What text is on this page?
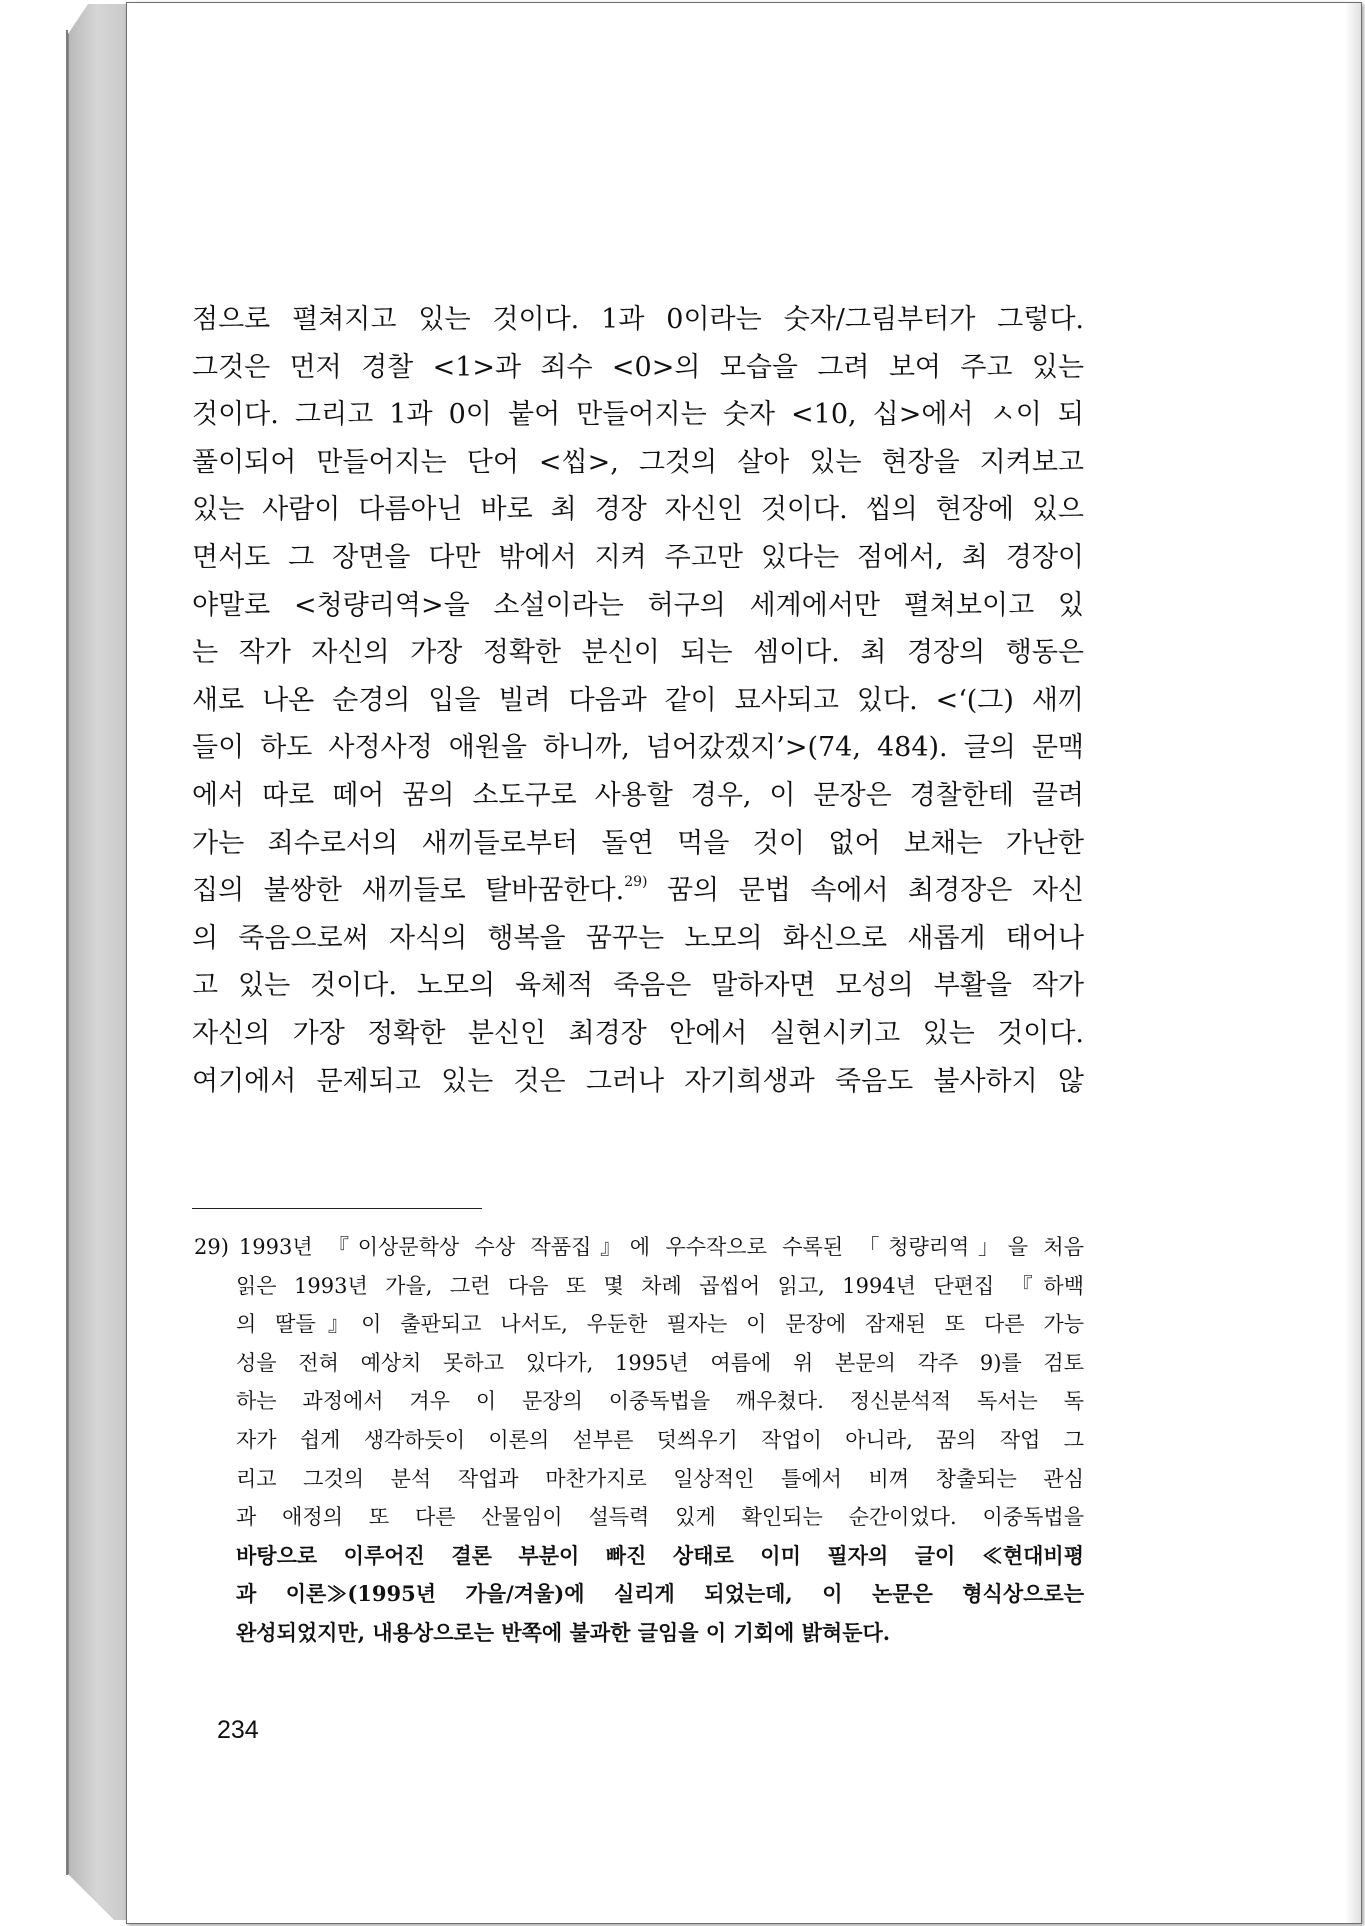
점으로 펼쳐지고 있는 것이다. 1과 0이라는 숫자/그림부터가 그렇다.
그것은 먼저 경찰 <1>과 죄수 <0>의 모습을 그려 보여 주고 있는
것이다. 그리고 1과 0이 붙어 만들어지는 숫자 <10, 십>에서 ㅅ이 되
풀이되어 만들어지는 단어 <씹>, 그것의 살아 있는 현장을 지켜보고
있는 사람이 다름아닌 바로 최 경장 자신인 것이다. 씹의 현장에 있으
면서도 그 장면을 다만 밖에서 지켜 주고만 있다는 점에서, 최 경장이
야말로 <청량리역>을 소설이라는 허구의 세계에서만 펼쳐보이고 있
는 작가 자신의 가장 정확한 분신이 되는 셈이다. 최 경장의 행동은
새로 나온 순경의 입을 빌려 다음과 같이 묘사되고 있다. <‘(그) 새끼
들이 하도 사정사정 애원을 하니까, 넘어갔겠지’>(74, 484). 글의 문맥
에서 따로 떼어 꿈의 소도구로 사용할 경우, 이 문장은 경찰한테 끌려
가는 죄수로서의 새끼들로부터 돌연 먹을 것이 없어 보채는 가난한
집의 불쌍한 새끼들로 탈바꿈한다.$^{29)}$ 꿈의 문법 속에서 최경장은 자신
의 죽음으로써 자식의 행복을 꿈꾸는 노모의 화신으로 새롭게 태어나
고 있는 것이다. 노모의 육체적 죽음은 말하자면 모성의 부활을 작가
자신의 가장 정확한 분신인 최경장 안에서 실현시키고 있는 것이다.
여기에서 문제되고 있는 것은 그러나 자기희생과 죽음도 불사하지 않
29) 1993년 『이상문학상 수상 작품집』에 우수작으로 수록된 「청량리역」을 처음
읽은 1993년 가을, 그런 다음 또 몇 차례 곱씹어 읽고, 1994년 단편집 『하백
의 딸들』이 출판되고 나서도, 우둔한 필자는 이 문장에 잠재된 또 다른 가능
성을 전혀 예상치 못하고 있다가, 1995년 여름에 위 본문의 각주 9)를 검토
하는 과정에서 겨우 이 문장의 이중독법을 깨우쳤다. 정신분석적 독서는 독
자가 쉽게 생각하듯이 이론의 섣부른 덧씌우기 작업이 아니라, 꿈의 작업 그
리고 그것의 분석 작업과 마찬가지로 일상적인 틀에서 비껴 창출되는 관심
과 애정의 또 다른 산물임이 설득력 있게 확인되는 순간이었다. 이중독법을
바탕으로 이루어진 결론 부분이 빠진 상태로 이미 필자의 글이 ≪현대비평
과 이론≫(1995년 가을/겨울)에 실리게 되었는데, 이 논문은 형식상으로는
완성되었지만, 내용상으로는 반쪽에 불과한 글임을 이 기회에 밝혀둔다.
234
